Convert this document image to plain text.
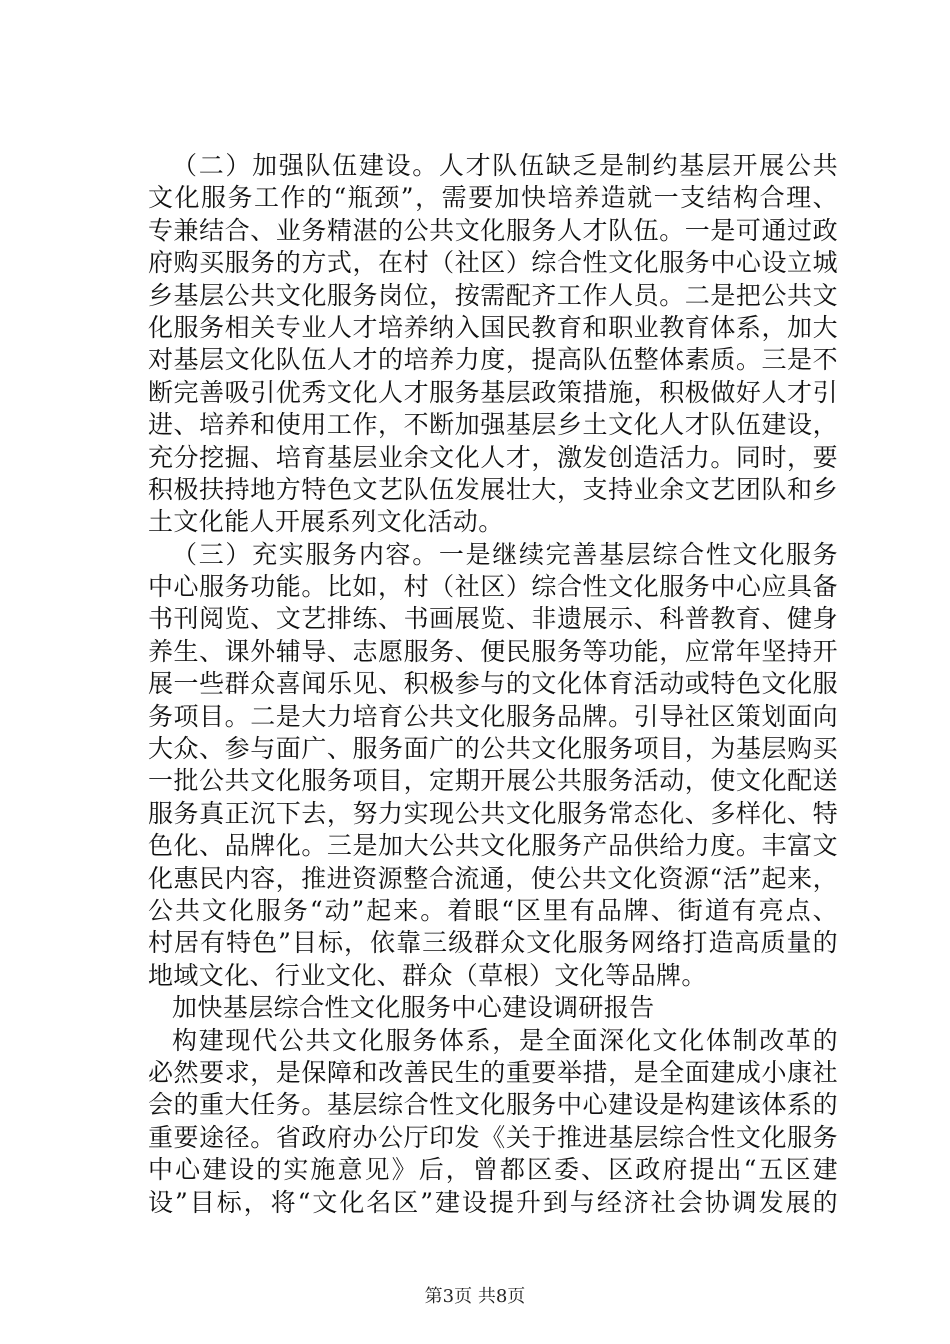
（二）加强队伍建设。人才队伍缺乏是制约基层开展公共
文化服务工作的“瓶颈”，需要加快培养造就一支结构合理、
专兼结合、业务精湛的公共文化服务人才队伍。一是可通过政
府购买服务的方式，在村（社区）综合性文化服务中心设立城
乡基层公共文化服务岗位，按需配齐工作人员。二是把公共文
化服务相关专业人才培养纳入国民教育和职业教育体系，加大
对基层文化队伍人才的培养力度，提高队伍整体素质。三是不
断完善吸引优秀文化人才服务基层政策措施，积极做好人才引
进、培养和使用工作，不断加强基层乡土文化人才队伍建设，
充分挖掘、培育基层业余文化人才，激发创造活力。同时，要
积极扶持地方特色文艺队伍发展壮大，支持业余文艺团队和乡
土文化能人开展系列文化活动。
（三）充实服务内容。一是继续完善基层综合性文化服务
中心服务功能。比如，村（社区）综合性文化服务中心应具备
书刊阅览、文艺排练、书画展览、非遗展示、科普教育、健身
养生、课外辅导、志愿服务、便民服务等功能，应常年坚持开
展一些群众喜闻乐见、积极参与的文化体育活动或特色文化服
务项目。二是大力培育公共文化服务品牌。引导社区策划面向
大众、参与面广、服务面广的公共文化服务项目，为基层购买
一批公共文化服务项目，定期开展公共服务活动，使文化配送
服务真正沉下去，努力实现公共文化服务常态化、多样化、特
色化、品牌化。三是加大公共文化服务产品供给力度。丰富文
化惠民内容，推进资源整合流通，使公共文化资源“活”起来，
公共文化服务“动”起来。着眼“区里有品牌、街道有亮点、
村居有特色”目标，依靠三级群众文化服务网络打造高质量的
地域文化、行业文化、群众（草根）文化等品牌。
加快基层综合性文化服务中心建设调研报告
构建现代公共文化服务体系，是全面深化文化体制改革的
必然要求，是保障和改善民生的重要举措，是全面建成小康社
会的重大任务。基层综合性文化服务中心建设是构建该体系的
重要途径。省政府办公厅印发《关于推进基层综合性文化服务
中心建设的实施意见》后，曾都区委、区政府提出“五区建
设”目标，将“文化名区”建设提升到与经济社会协调发展的
第3页 共8页
